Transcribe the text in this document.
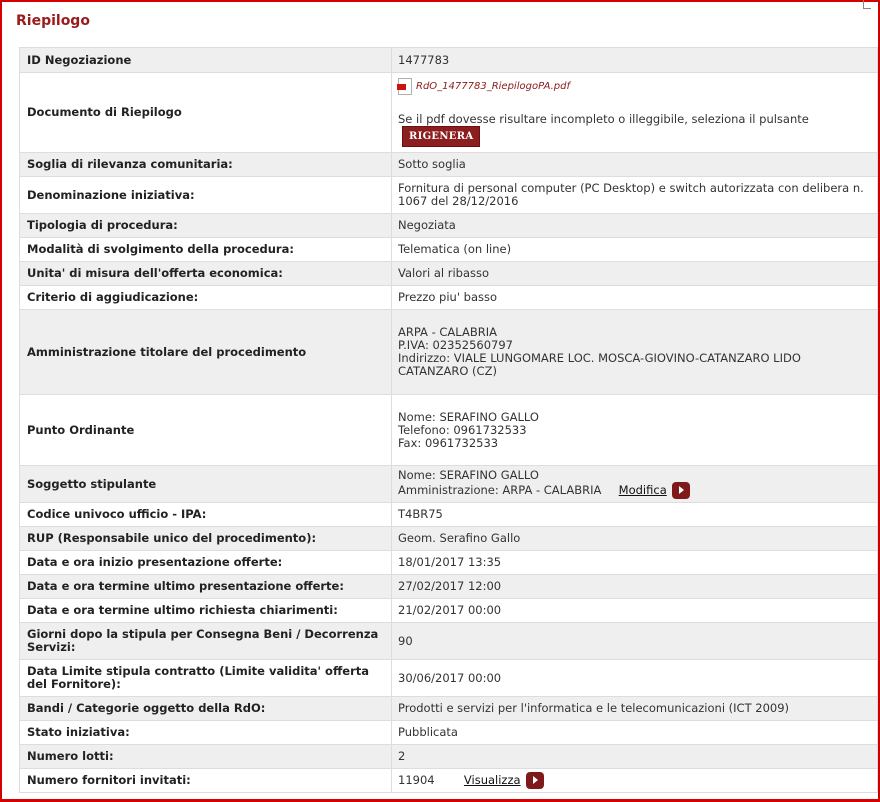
Riepilogo
ID Negoziazione	1477783
Documento di Riepilogo	RdO_1477783_RiepilogoPA.pdf
Se il pdf dovesse risultare incompleto o illeggibile, seleziona il pulsanteRIGENERA

Soglia di rilevanza comunitaria:	Sotto soglia
Denominazione iniziativa:	Fornitura di personal computer (PC Desktop) e switch autorizzata con delibera n.
1067 del 28/12/2016

Tipologia di procedura:	Negoziata
Modalità di svolgimento della procedura:	Telematica (on line)
Unita' di misura dell'offerta economica:	Valori al ribasso
Criterio di aggiudicazione:	Prezzo piu' basso
Amministrazione titolare del procedimento	ARPA - CALABRIA
P.IVA: 02352560797
Indirizzo: VIALE LUNGOMARE LOC. MOSCA-GIOVINO-CATANZARO LIDO
CATANZARO (CZ)

Punto Ordinante	Nome: SERAFINO GALLO
Telefono: 0961732533
Fax: 0961732533

Soggetto stipulante	Nome: SERAFINO GALLO
Amministrazione: ARPA - CALABRIA Modifica
Codice univoco ufficio - IPA:	T4BR75
RUP (Responsabile unico del procedimento):	Geom. Serafino Gallo
Data e ora inizio presentazione offerte:	18/01/2017 13:35
Data e ora termine ultimo presentazione offerte:	27/02/2017 12:00
Data e ora termine ultimo richiesta chiarimenti:	21/02/2017 00:00

Giorni dopo la stipula per Consegna Beni / Decorrenza
Servizi:	90

Data Limite stipula contratto (Limite validita' offerta
del Fornitore):	30/06/2017 00:00
Bandi / Categorie oggetto della RdO:	Prodotti e servizi per l'informatica e le telecomunicazioni (ICT 2009)
Stato iniziativa:	Pubblicata
Numero lotti:	2
Numero fornitori invitati:	11904 Visualizza
